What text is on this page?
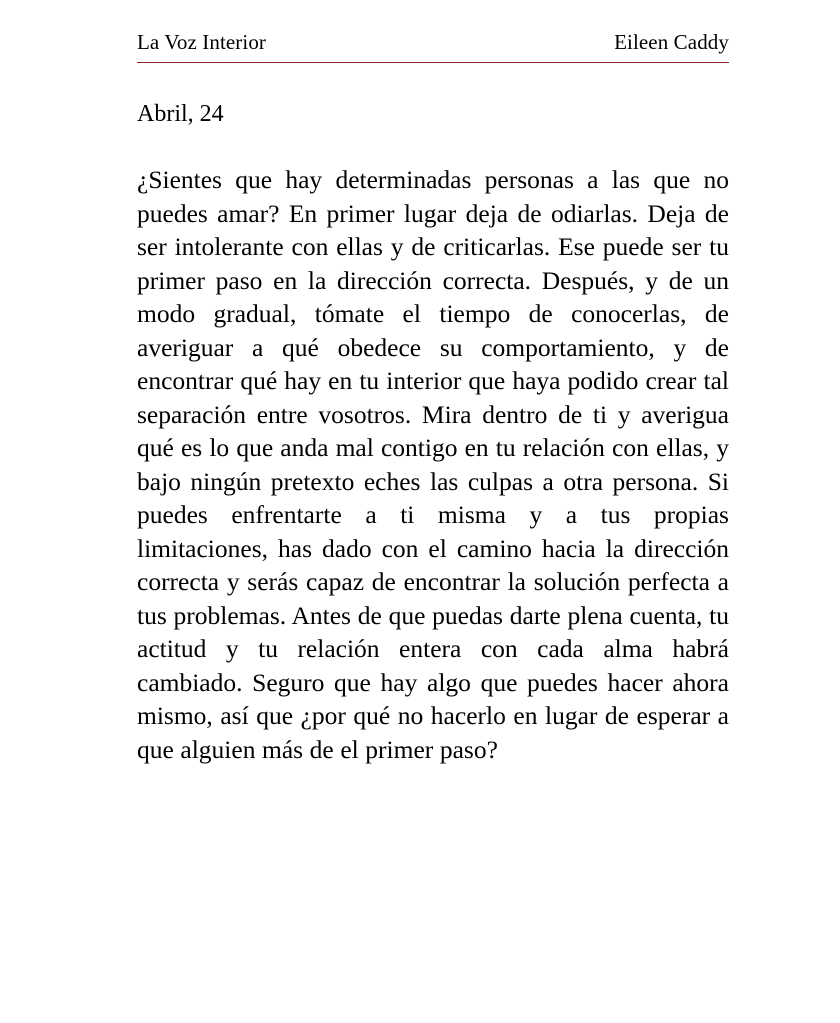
La Voz Interior	Eileen Caddy
Abril, 24
¿Sientes que hay determinadas personas a las que no puedes amar? En primer lugar deja de odiarlas. Deja de ser intolerante con ellas y de criticarlas. Ese puede ser tu primer paso en la dirección correcta. Después, y de un modo gradual, tómate el tiempo de conocerlas, de averiguar a qué obedece su comportamiento, y de encontrar qué hay en tu interior que haya podido crear tal separación entre vosotros. Mira dentro de ti y averigua qué es lo que anda mal contigo en tu relación con ellas, y bajo ningún pretexto eches las culpas a otra persona. Si puedes enfrentarte a ti misma y a tus propias limitaciones, has dado con el camino hacia la dirección correcta y serás capaz de encontrar la solución perfecta a tus problemas. Antes de que puedas darte plena cuenta, tu actitud y tu relación entera con cada alma habrá cambiado. Seguro que hay algo que puedes hacer ahora mismo, así que ¿por qué no hacerlo en lugar de esperar a que alguien más de el primer paso?
